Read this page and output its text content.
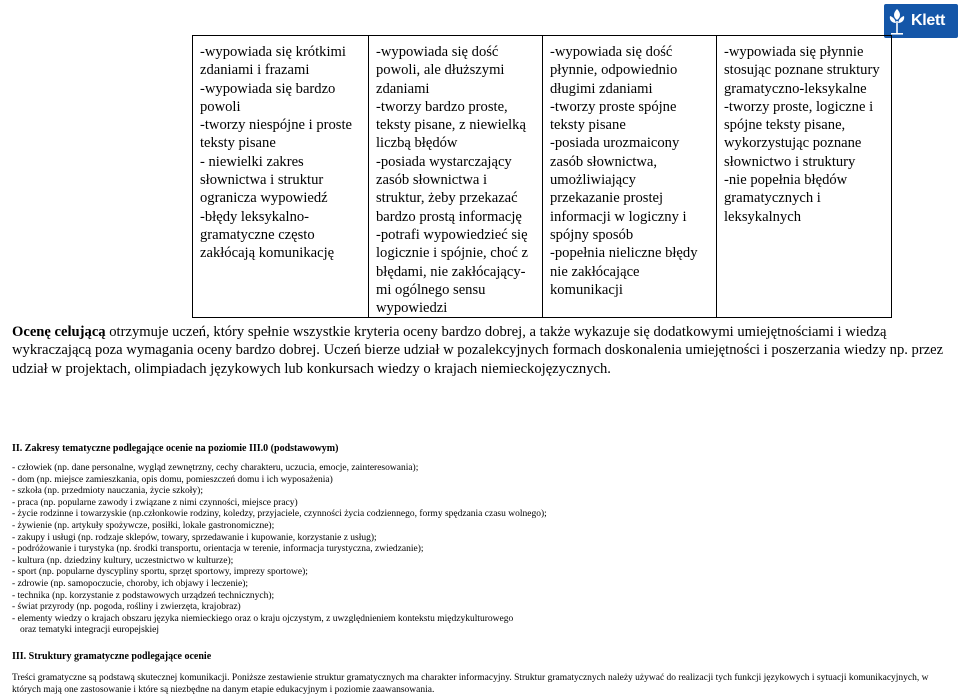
Klett
-wypowiada się krótkimi
zdaniami i frazami
-wypowiada się bardzo
powoli
-tworzy niespójne i proste
teksty pisane
- niewielki zakres
słownictwa i struktur
ogranicza wypowiedź
-błędy leksykalno-
gramatyczne często
zakłócają komunikację

-wypowiada się dość
powoli, ale dłuższymi
zdaniami
-tworzy bardzo proste,
teksty pisane, z niewielką
liczbą błędów
-posiada wystarczający
zasób słownictwa i
struktur, żeby przekazać
bardzo prostą informację
-potrafi wypowiedzieć się
logicznie i spójnie, choć z
błędami, nie zakłócający-
mi ogólnego sensu
wypowiedzi

-wypowiada się dość
płynnie, odpowiednio
długimi zdaniami
-tworzy proste spójne
teksty pisane
-posiada urozmaicony
zasób słownictwa,
umożliwiający
przekazanie prostej
informacji w logiczny i
spójny sposób
-popełnia nieliczne błędy
nie zakłócające
komunikacji

-wypowiada się płynnie
stosując poznane struktury
gramatyczno-leksykalne
-tworzy proste, logiczne i
spójne teksty pisane,
wykorzystując poznane
słownictwo i struktury
-nie popełnia błędów
gramatycznych i
leksykalnych

Ocenę celującą otrzymuje uczeń, który spełnie wszystkie kryteria oceny bardzo dobrej, a także wykazuje się dodatkowymi umiejętnościami i wiedzą wykraczającą poza wymagania oceny bardzo dobrej. Uczeń bierze udział w pozalekcyjnych formach doskonalenia umiejętności i poszerzania wiedzy np. przez udział w projektach, olimpiadach językowych lub konkursach wiedzy o krajach niemieckojęzycznych.

II. Zakresy tematyczne podlegające ocenie na poziomie III.0 (podstawowym)
- człowiek (np. dane personalne, wygląd zewnętrzny, cechy charakteru, uczucia, emocje, zainteresowania);
- dom (np. miejsce zamieszkania, opis domu, pomieszczeń domu i ich wyposażenia)
- szkoła (np. przedmioty nauczania, życie szkoły);
- praca (np. popularne zawody i związane z nimi czynności, miejsce pracy)
- życie rodzinne i towarzyskie (np.członkowie rodziny, koledzy, przyjaciele, czynności życia codziennego, formy spędzania czasu wolnego);
- żywienie (np. artykuły spożywcze, posiłki, lokale gastronomiczne);
- zakupy i usługi (np. rodzaje sklepów, towary, sprzedawanie i kupowanie, korzystanie z usług);
- podróżowanie i turystyka (np. środki transportu, orientacja w terenie, informacja turystyczna, zwiedzanie);
- kultura (np. dziedziny kultury, uczestnictwo w kulturze);
- sport (np. popularne dyscypliny sportu, sprzęt sportowy, imprezy sportowe);
- zdrowie (np. samopoczucie, choroby, ich objawy i leczenie);
- technika (np. korzystanie z podstawowych urządzeń technicznych);
- świat przyrody (np. pogoda, rośliny i zwierzęta, krajobraz)
- elementy wiedzy o krajach obszaru języka niemieckiego oraz o kraju ojczystym, z uwzględnieniem kontekstu międzykulturowego
oraz tematyki integracji europejskiej
III. Struktury gramatyczne podlegające ocenie

Treści gramatyczne są podstawą skutecznej komunikacji. Poniższe zestawienie struktur gramatycznych ma charakter informacyjny. Struktur gramatycznych należy używać do realizacji tych funkcji językowych i sytuacji komunikacyjnych, w których mają one zastosowanie i które są niezbędne na danym etapie edukacyjnym i poziomie zaawansowania.
